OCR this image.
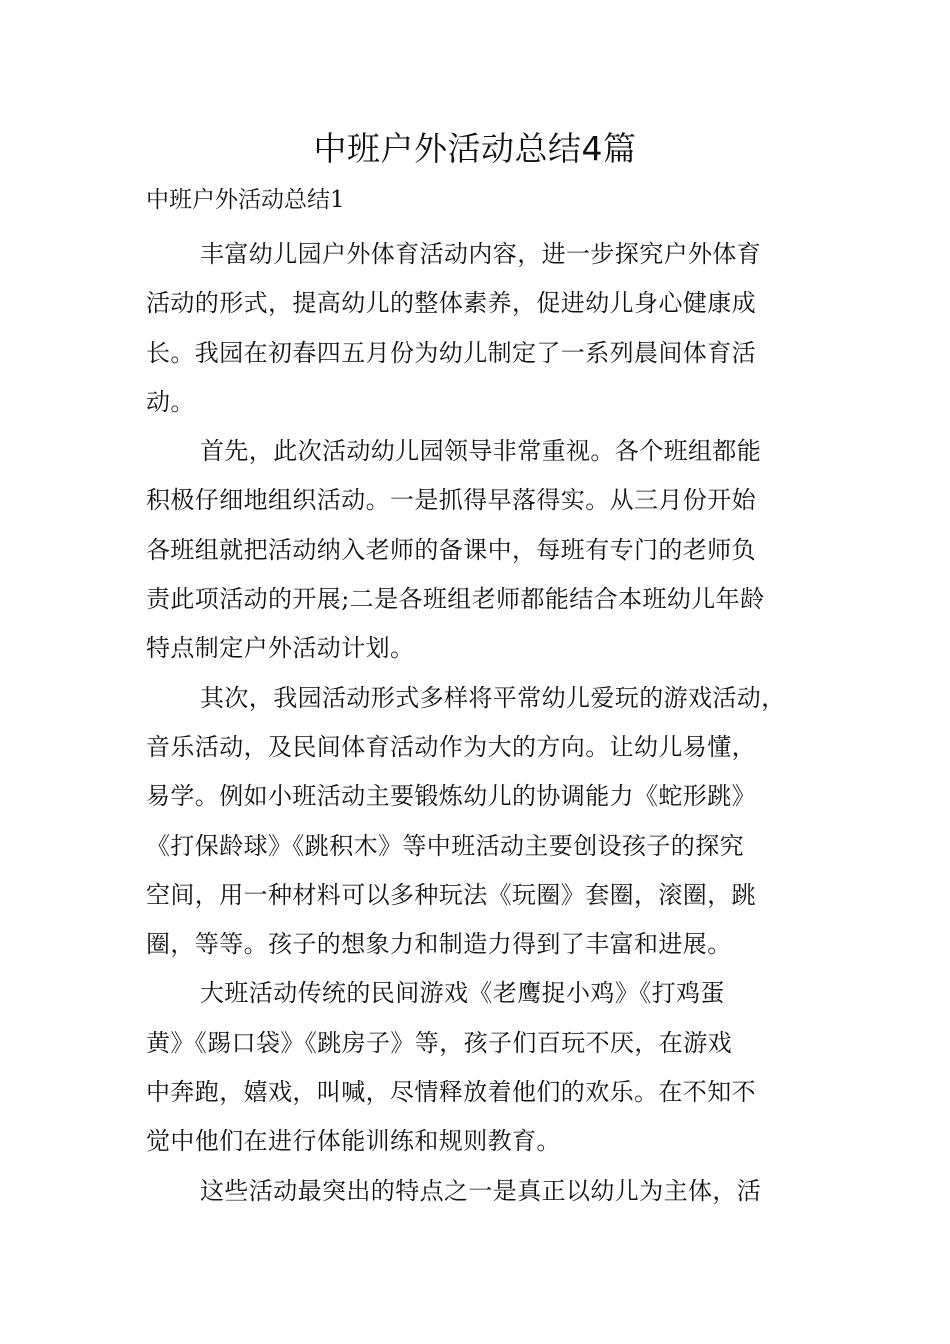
中班户外活动总结4篇

中班户外活动总结1

丰富幼儿园户外体育活动内容，进一步探究户外体育
活动的形式，提高幼儿的整体素养，促进幼儿身心健康成
长。我园在初春四五月份为幼儿制定了一系列晨间体育活
动。

首先，此次活动幼儿园领导非常重视。各个班组都能
积极仔细地组织活动。一是抓得早落得实。从三月份开始
各班组就把活动纳入老师的备课中，每班有专门的老师负
责此项活动的开展;二是各班组老师都能结合本班幼儿年龄
特点制定户外活动计划。

其次，我园活动形式多样将平常幼儿爱玩的游戏活动，
音乐活动，及民间体育活动作为大的方向。让幼儿易懂，
易学。例如小班活动主要锻炼幼儿的协调能力《蛇形跳》
《打保龄球》《跳积木》等中班活动主要创设孩子的探究
空间，用一种材料可以多种玩法《玩圈》套圈，滚圈，跳
圈，等等。孩子的想象力和制造力得到了丰富和进展。

大班活动传统的民间游戏《老鹰捉小鸡》《打鸡蛋
黄》《踢口袋》《跳房子》等，孩子们百玩不厌，在游戏
中奔跑，嬉戏，叫喊，尽情释放着他们的欢乐。在不知不
觉中他们在进行体能训练和规则教育。

这些活动最突出的特点之一是真正以幼儿为主体，活
